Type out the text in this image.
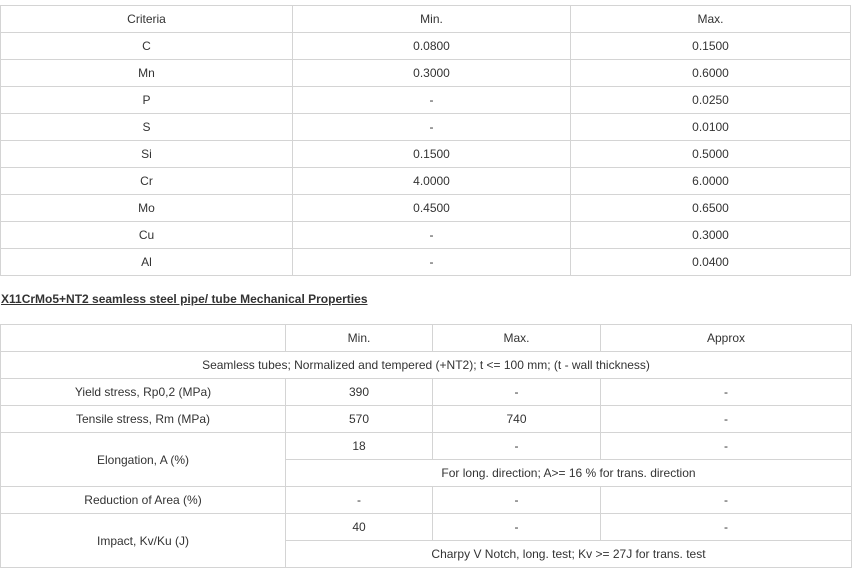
Criteria	Min.	Max.
C	0.0800	0.1500
Mn	0.3000	0.6000
P	-	0.0250
S	-	0.0100
Si	0.1500	0.5000
Cr	4.0000	6.0000
Mo	0.4500	0.6500
Cu	-	0.3000
Al	-	0.0400
X11CrMo5+NT2 seamless steel pipe/ tube Mechanical Properties
	Min.	Max.	Approx
Seamless tubes; Normalized and tempered (+NT2); t <= 100 mm; (t - wall thickness)			
Yield stress, Rp0,2 (MPa)	390	-	-
Tensile stress, Rm (MPa)	570	740	-
Elongation, A (%)	18	-	-
	For long. direction; A>= 16 % for trans. direction		
Reduction of Area (%)	-	-	-
Impact, Kv/Ku (J)	40	-	-
	Charpy V Notch, long. test; Kv >= 27J for trans. test		
